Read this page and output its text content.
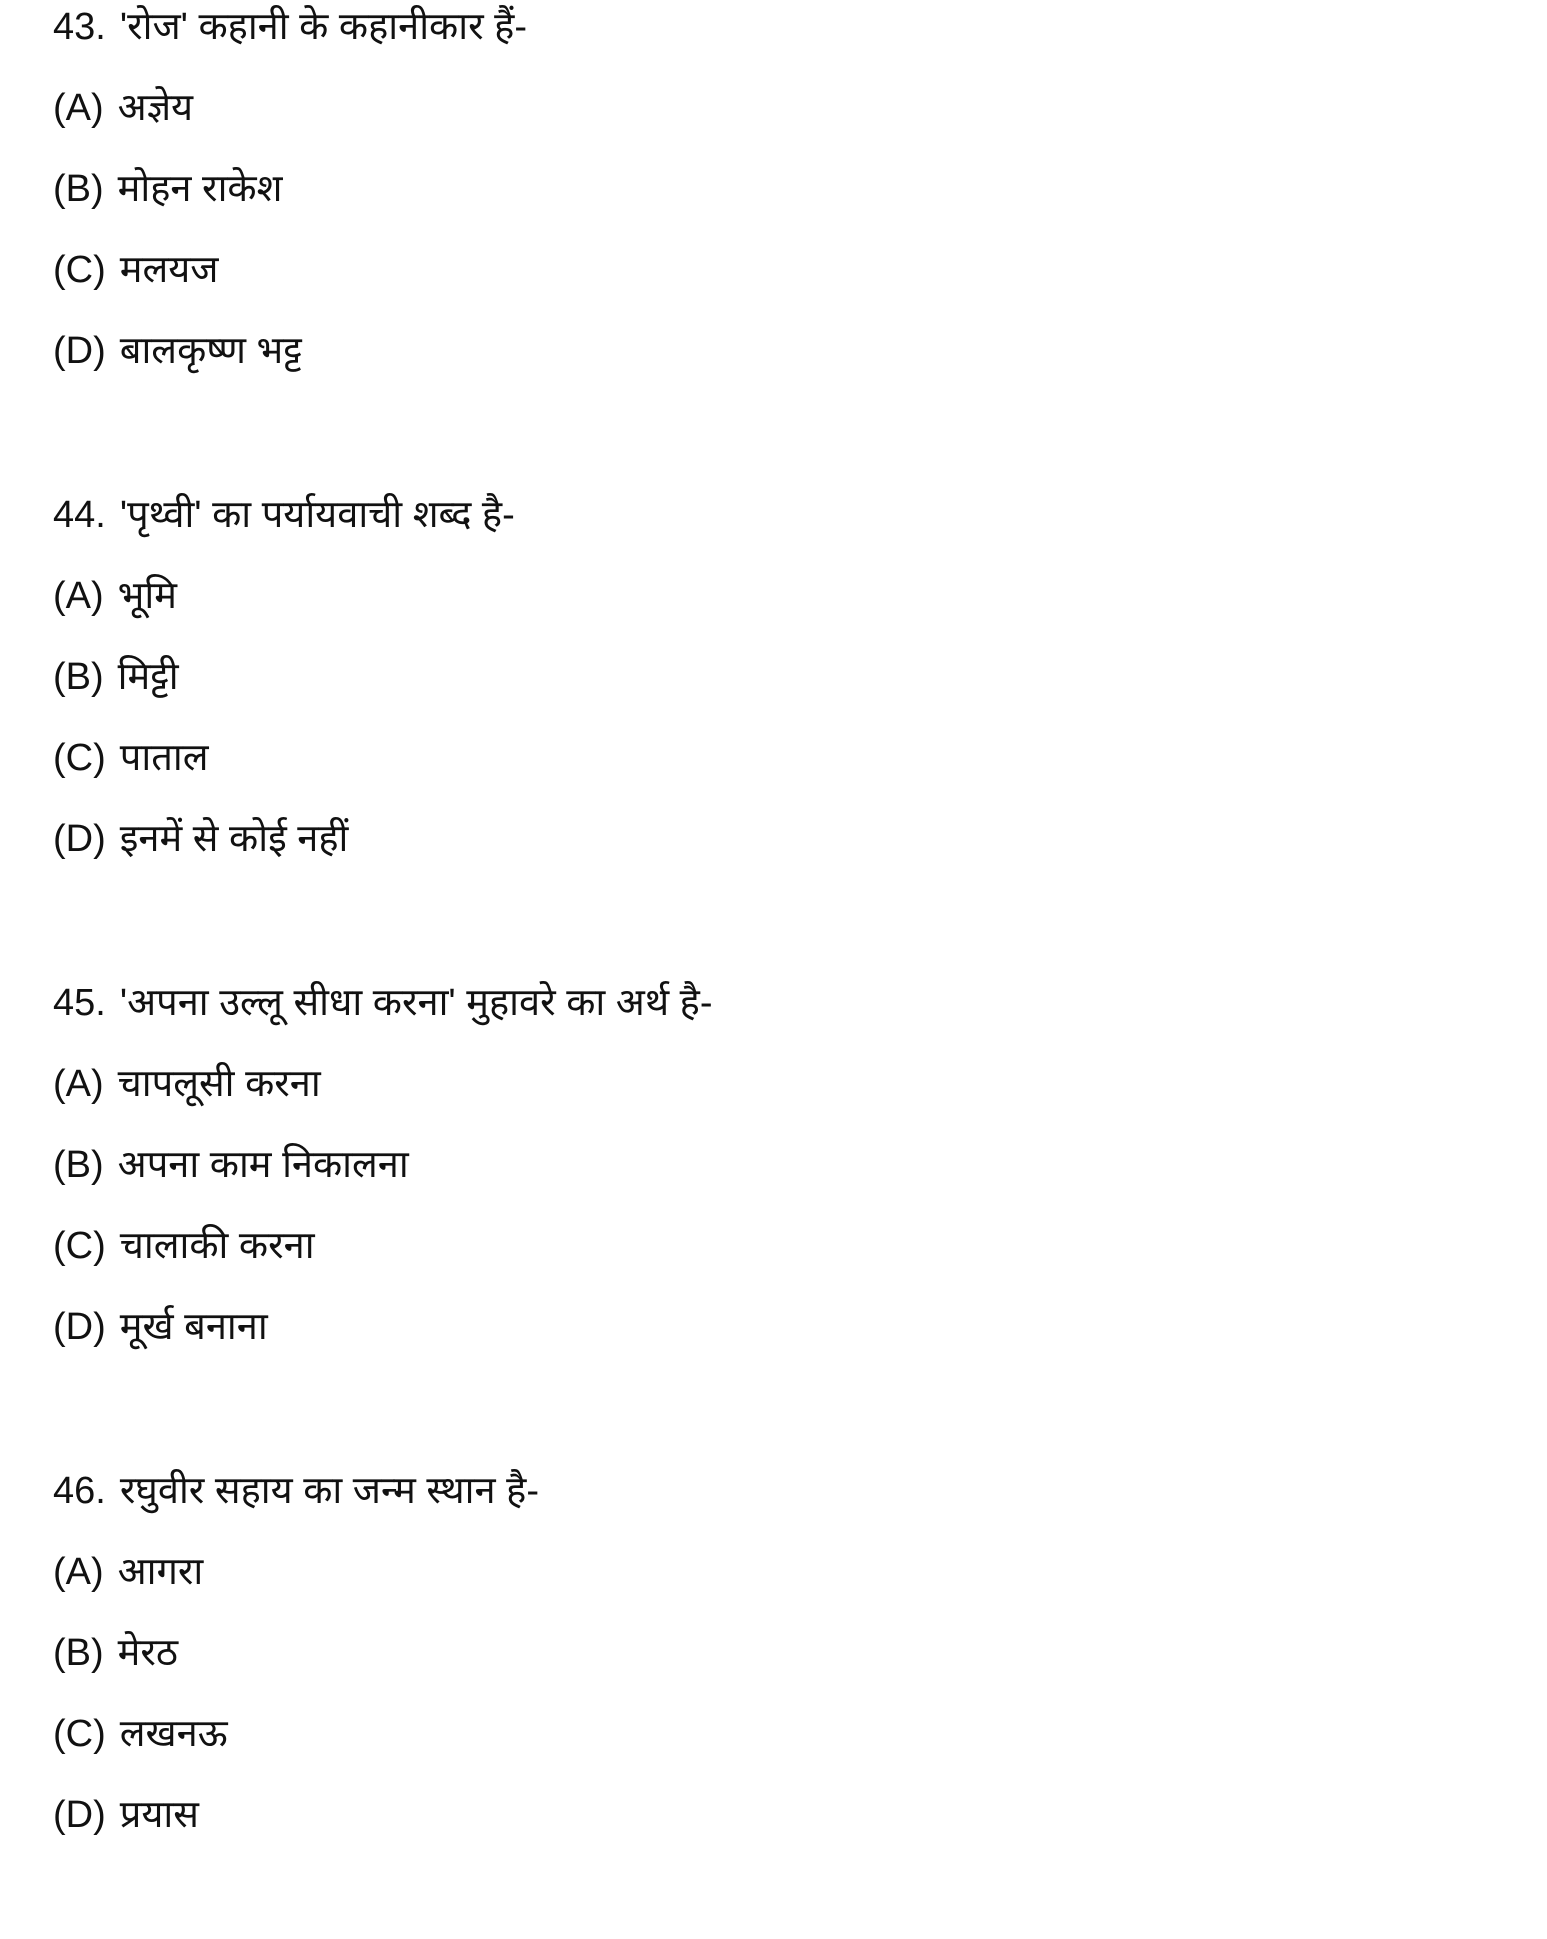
43. 'रोज' कहानी के कहानीकार हैं-
(A) अज्ञेय
(B) मोहन राकेश
(C) मलयज
(D) बालकृष्ण भट्ट
44. 'पृथ्वी' का पर्यायवाची शब्द है-
(A) भूमि
(B) मिट्टी
(C) पाताल
(D) इनमें से कोई नहीं
45. 'अपना उल्लू सीधा करना' मुहावरे का अर्थ है-
(A) चापलूसी करना
(B) अपना काम निकालना
(C) चालाकी करना
(D) मूर्ख बनाना
46. रघुवीर सहाय का जन्म स्थान है-
(A) आगरा
(B) मेरठ
(C) लखनऊ
(D) प्रयास
